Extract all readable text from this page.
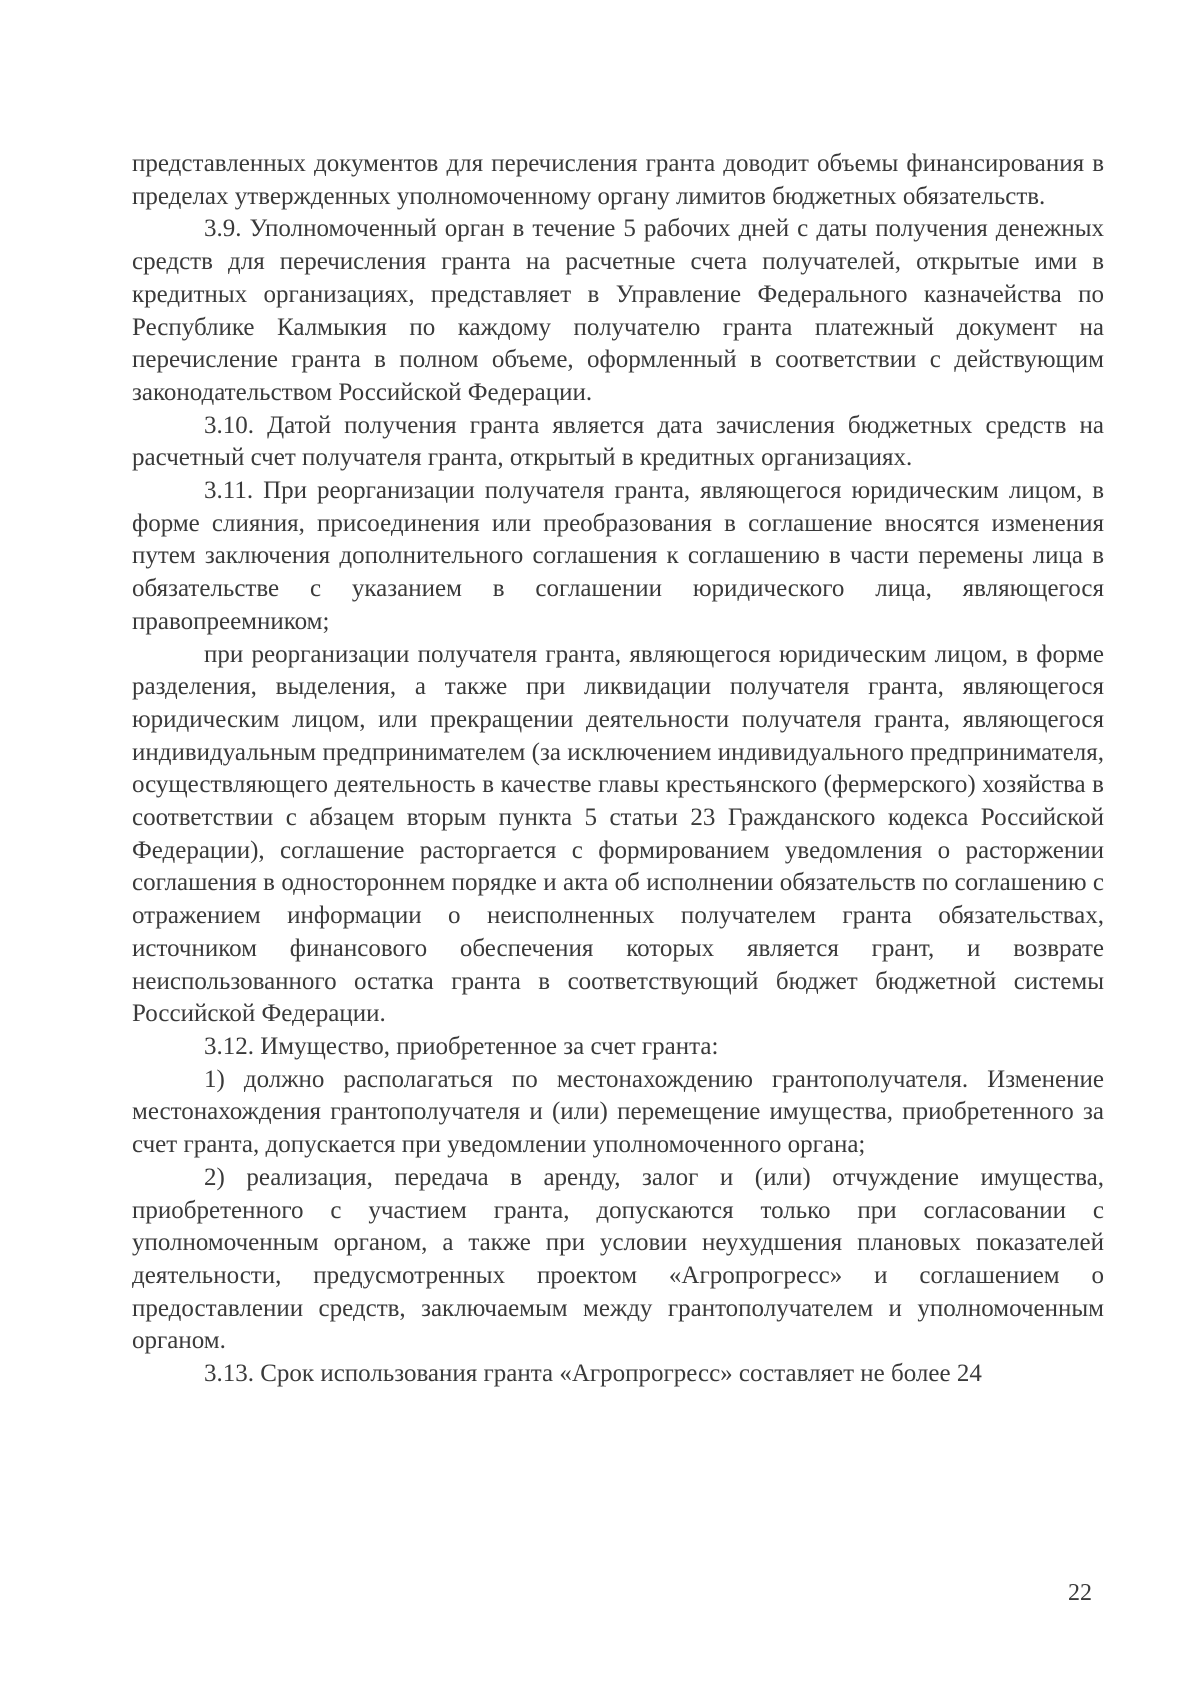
представленных документов для перечисления гранта доводит объемы финансирования в пределах утвержденных уполномоченному органу лимитов бюджетных обязательств.

3.9. Уполномоченный орган в течение 5 рабочих дней с даты получения денежных средств для перечисления гранта на расчетные счета получателей, открытые ими в кредитных организациях, представляет в Управление Федерального казначейства по Республике Калмыкия по каждому получателю гранта платежный документ на перечисление гранта в полном объеме, оформленный в соответствии с действующим законодательством Российской Федерации.

3.10. Датой получения гранта является дата зачисления бюджетных средств на расчетный счет получателя гранта, открытый в кредитных организациях.

3.11. При реорганизации получателя гранта, являющегося юридическим лицом, в форме слияния, присоединения или преобразования в соглашение вносятся изменения путем заключения дополнительного соглашения к соглашению в части перемены лица в обязательстве с указанием в соглашении юридического лица, являющегося правопреемником;

при реорганизации получателя гранта, являющегося юридическим лицом, в форме разделения, выделения, а также при ликвидации получателя гранта, являющегося юридическим лицом, или прекращении деятельности получателя гранта, являющегося индивидуальным предпринимателем (за исключением индивидуального предпринимателя, осуществляющего деятельность в качестве главы крестьянского (фермерского) хозяйства в соответствии с абзацем вторым пункта 5 статьи 23 Гражданского кодекса Российской Федерации), соглашение расторгается с формированием уведомления о расторжении соглашения в одностороннем порядке и акта об исполнении обязательств по соглашению с отражением информации о неисполненных получателем гранта обязательствах, источником финансового обеспечения которых является грант, и возврате неиспользованного остатка гранта в соответствующий бюджет бюджетной системы Российской Федерации.

3.12. Имущество, приобретенное за счет гранта:

1) должно располагаться по местонахождению грантополучателя. Изменение местонахождения грантополучателя и (или) перемещение имущества, приобретенного за счет гранта, допускается при уведомлении уполномоченного органа;

2) реализация, передача в аренду, залог и (или) отчуждение имущества, приобретенного с участием гранта, допускаются только при согласовании с уполномоченным органом, а также при условии неухудшения плановых показателей деятельности, предусмотренных проектом «Агропрогресс» и соглашением о предоставлении средств, заключаемым между грантополучателем и уполномоченным органом.

3.13. Срок использования гранта «Агропрогресс» составляет не более 24

22
